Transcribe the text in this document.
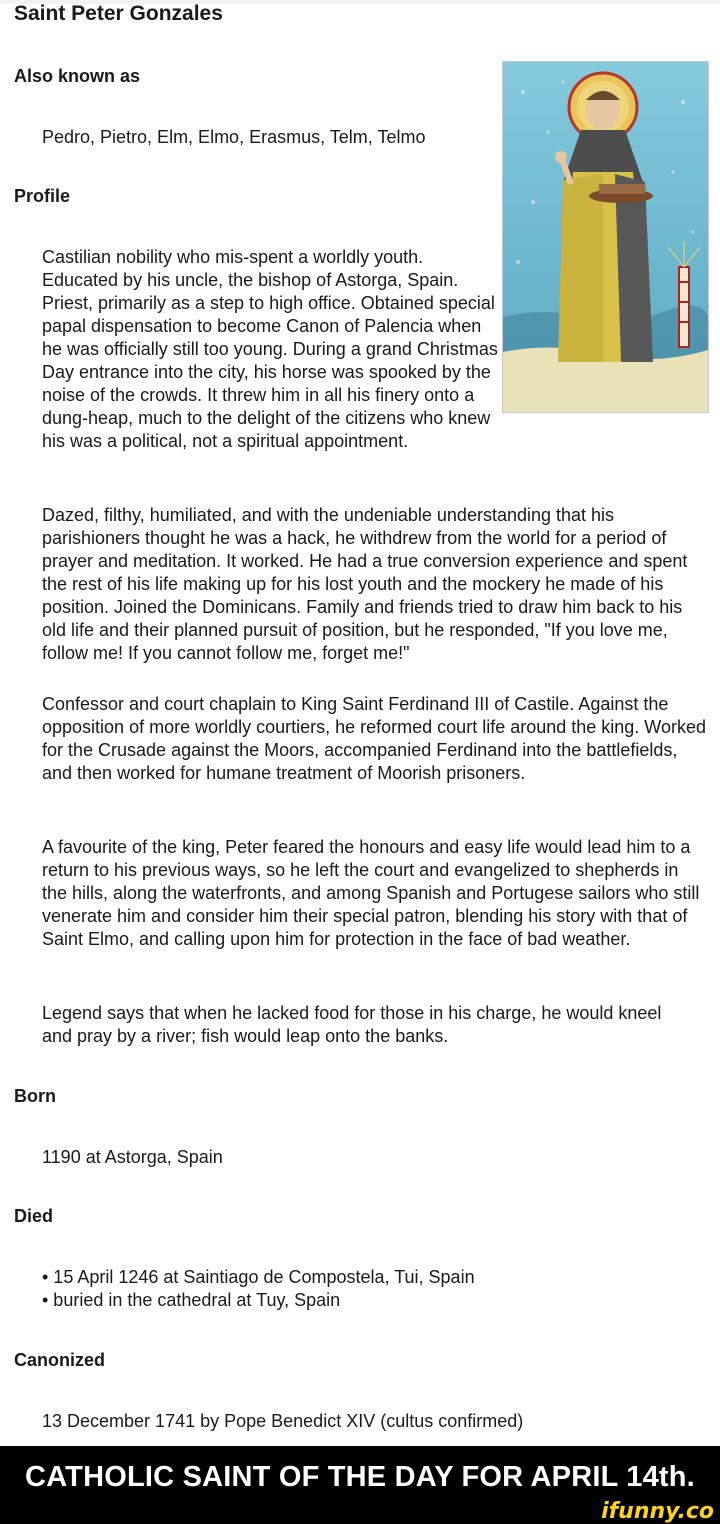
Saint Peter Gonzales
Also known as

Pedro, Pietro, Elm, Elmo, Erasmus, Telm, Telmo

Profile

Castilian nobility who mis-spent a worldly youth. Educated by his uncle, the bishop of Astorga, Spain. Priest, primarily as a step to high office. Obtained special papal dispensation to become Canon of Palencia when he was officially still too young. During a grand Christmas Day entrance into the city, his horse was spooked by the noise of the crowds. It threw him in all his finery onto a dung-heap, much to the delight of the citizens who knew his was a political, not a spiritual appointment.

Dazed, filthy, humiliated, and with the undeniable understanding that his parishioners thought he was a hack, he withdrew from the world for a period of prayer and meditation. It worked. He had a true conversion experience and spent the rest of his life making up for his lost youth and the mockery he made of his position. Joined the Dominicans. Family and friends tried to draw him back to his old life and their planned pursuit of position, but he responded, "If you love me, follow me! If you cannot follow me, forget me!"

Confessor and court chaplain to King Saint Ferdinand III of Castile. Against the opposition of more worldly courtiers, he reformed court life around the king. Worked for the Crusade against the Moors, accompanied Ferdinand into the battlefields, and then worked for humane treatment of Moorish prisoners.

A favourite of the king, Peter feared the honours and easy life would lead him to a return to his previous ways, so he left the court and evangelized to shepherds in the hills, along the waterfronts, and among Spanish and Portugese sailors who still venerate him and consider him their special patron, blending his story with that of Saint Elmo, and calling upon him for protection in the face of bad weather.

Legend says that when he lacked food for those in his charge, he would kneel and pray by a river; fish would leap onto the banks.

Born

1190 at Astorga, Spain

Died
• 15 April 1246 at Saintiago de Compostela, Tui, Spain
• buried in the cathedral at Tuy, Spain
Canonized

13 December 1741 by Pope Benedict XIV (cultus confirmed)

CATHOLIC SAINT OF THE DAY FOR APRIL 14th.
ifunny.co
